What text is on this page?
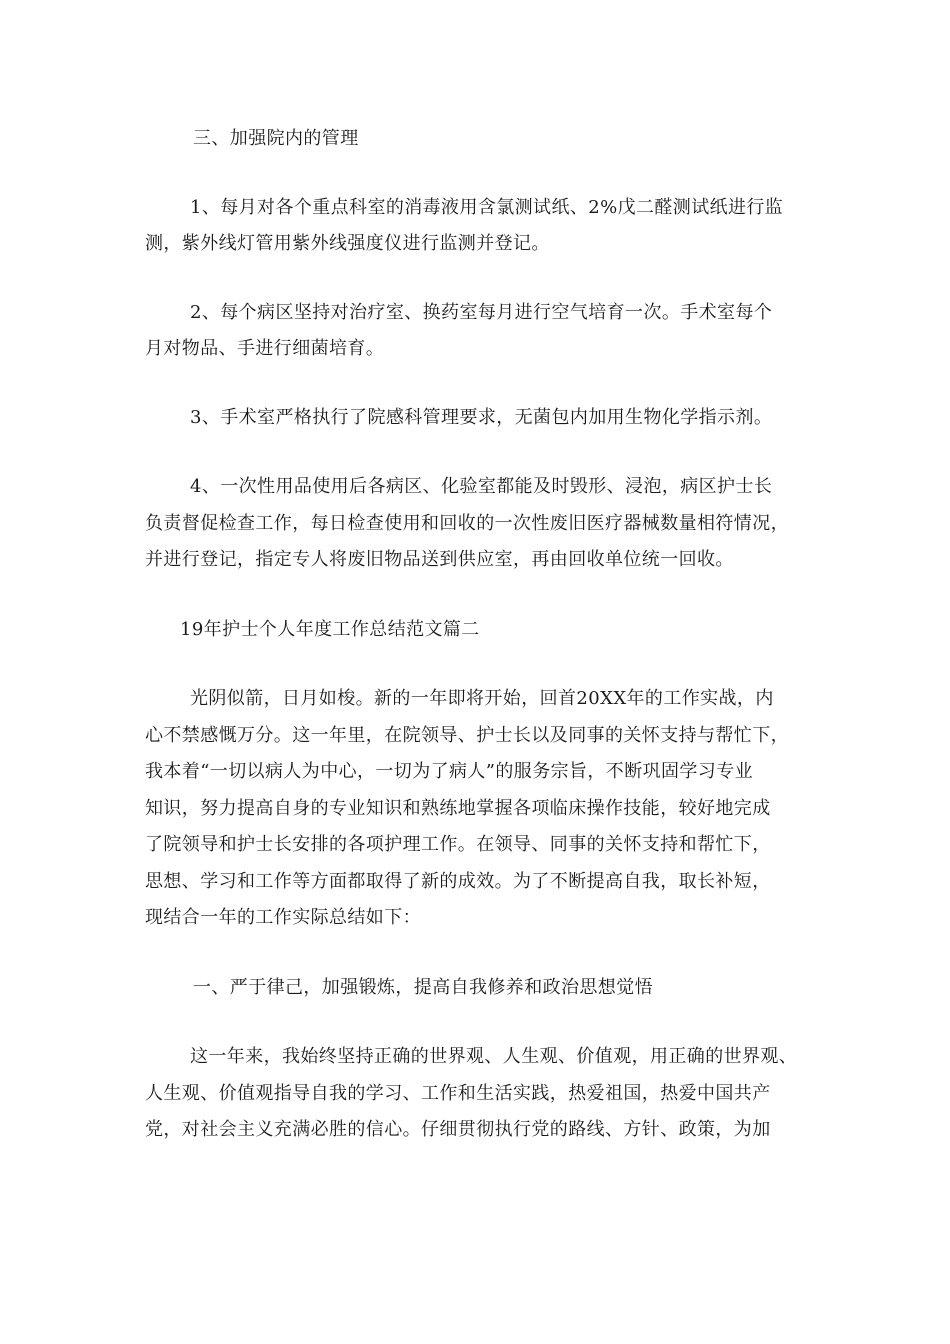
三、加强院内的管理
1、每月对各个重点科室的消毒液用含氯测试纸、2%戊二醛测试纸进行监
测，紫外线灯管用紫外线强度仪进行监测并登记。
2、每个病区坚持对治疗室、换药室每月进行空气培育一次。手术室每个
月对物品、手进行细菌培育。
3、手术室严格执行了院感科管理要求，无菌包内加用生物化学指示剂。
4、一次性用品使用后各病区、化验室都能及时毁形、浸泡，病区护士长
负责督促检查工作，每日检查使用和回收的一次性废旧医疗器械数量相符情况，
并进行登记，指定专人将废旧物品送到供应室，再由回收单位统一回收。
19年护士个人年度工作总结范文篇二
光阴似箭，日月如梭。新的一年即将开始，回首20XX年的工作实战，内
心不禁感慨万分。这一年里，在院领导、护士长以及同事的关怀支持与帮忙下，
我本着“一切以病人为中心，一切为了病人”的服务宗旨，不断巩固学习专业
知识，努力提高自身的专业知识和熟练地掌握各项临床操作技能，较好地完成
了院领导和护士长安排的各项护理工作。在领导、同事的关怀支持和帮忙下，
思想、学习和工作等方面都取得了新的成效。为了不断提高自我，取长补短，
现结合一年的工作实际总结如下：
一、严于律己，加强锻炼，提高自我修养和政治思想觉悟
这一年来，我始终坚持正确的世界观、人生观、价值观，用正确的世界观、
人生观、价值观指导自我的学习、工作和生活实践，热爱祖国，热爱中国共产
党，对社会主义充满必胜的信心。仔细贯彻执行党的路线、方针、政策，为加
